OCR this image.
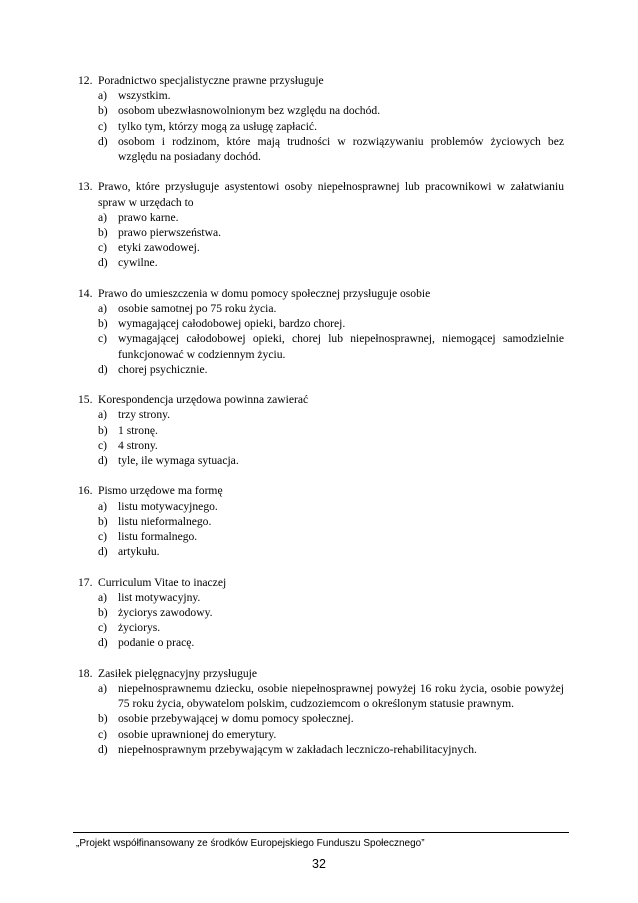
12. Poradnictwo specjalistyczne prawne przysługuje
a) wszystkim.
b) osobom ubezwłasnowolnionym bez względu na dochód.
c) tylko tym, którzy mogą za usługę zapłacić.
d) osobom i rodzinom, które mają trudności w rozwiązywaniu problemów życiowych bez względu na posiadany dochód.
13. Prawo, które przysługuje asystentowi osoby niepełnosprawnej lub pracownikowi w załatwianiu spraw w urzędach to
a) prawo karne.
b) prawo pierwszeństwa.
c) etyki zawodowej.
d) cywilne.
14. Prawo do umieszczenia w domu pomocy społecznej przysługuje osobie
a) osobie samotnej po 75 roku życia.
b) wymagającej całodobowej opieki, bardzo chorej.
c) wymagającej całodobowej opieki, chorej lub niepełnosprawnej, niemogącej samodzielnie funkcjonować w codziennym życiu.
d) chorej psychicznie.
15. Korespondencja urzędowa powinna zawierać
a) trzy strony.
b) 1 stronę.
c) 4 strony.
d) tyle, ile wymaga sytuacja.
16. Pismo urzędowe ma formę
a) listu motywacyjnego.
b) listu nieformalnego.
c) listu formalnego.
d) artykułu.
17. Curriculum Vitae to inaczej
a) list motywacyjny.
b) życiorys zawodowy.
c) życiorys.
d) podanie o pracę.
18. Zasiłek pielęgnacyjny przysługuje
a) niepełnosprawnemu dziecku, osobie niepełnosprawnej powyżej 16 roku życia, osobie powyżej 75 roku życia, obywatelom polskim, cudzoziemcom o określonym statusie prawnym.
b) osobie przebywającej w domu pomocy społecznej.
c) osobie uprawnionej do emerytury.
d) niepełnosprawnym przebywającym w zakładach leczniczo-rehabilitacyjnych.
„Projekt współfinansowany ze środków Europejskiego Funduszu Społecznego”
32
